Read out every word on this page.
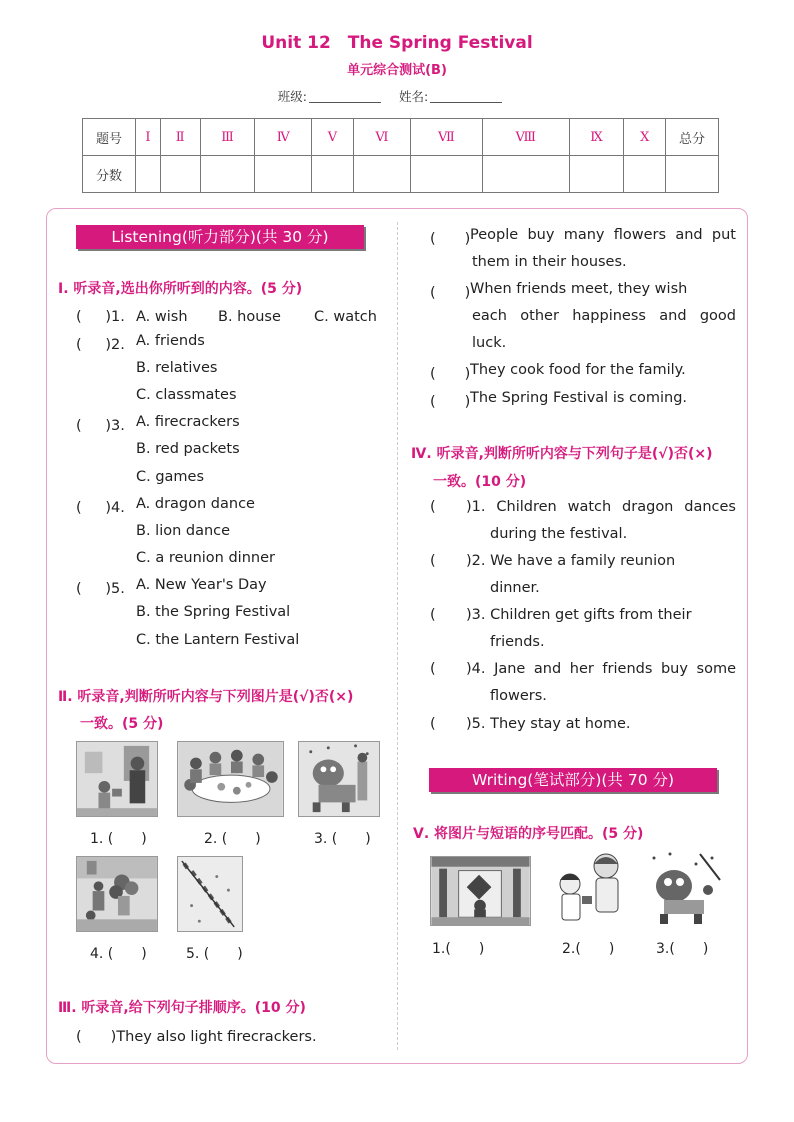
Unit 12　The Spring Festival
单元综合测试(B)
班级:	姓名:
题号	Ⅰ	Ⅱ	Ⅲ	Ⅳ	Ⅴ	Ⅵ	Ⅶ	Ⅷ	Ⅸ	Ⅹ	总分
分数											
Listening(听力部分)(共 30 分)
Ⅰ. 听录音,选出你所听到的内容。(5 分)
( 　 )1. A. wish B. house C. watch
( 　 )2. A. friends
B. relatives
C. classmates
( 　 )3. A. firecrackers
B. red packets
C. games
( 　 )4. A. dragon dance
B. lion dance
C. a reunion dinner
( 　 )5. A. New Year's Day
B. the Spring Festival
C. the Lantern Festival
Ⅱ. 听录音,判断所听内容与下列图片是(√)否(×)
一致。(5 分)
1. (　　)	2. (　　)	3. (　　)
4. (　　)	5. (　　)
Ⅲ. 听录音,给下列句子排顺序。(10 分)
(　　)They also light firecrackers.
(　　) People buy many flowers and put
them in their houses.
(　　) When friends meet, they wish
each other happiness and good
luck.
(　　) They cook food for the family.
(　　) The Spring Festival is coming.
Ⅳ. 听录音,判断所听内容与下列句子是(√)否(×)
一致。(10 分)
( )1. Children watch dragon dances
during the festival.
( )2. We have a family reunion
dinner.
( )3. Children get gifts from their
friends.
( )4. Jane and her friends buy some
flowers.
( )5. They stay at home.
Writing(笔试部分)(共 70 分)
Ⅴ. 将图片与短语的序号匹配。(5 分)
1.(　　)	2.(　　)	3.(　　)
